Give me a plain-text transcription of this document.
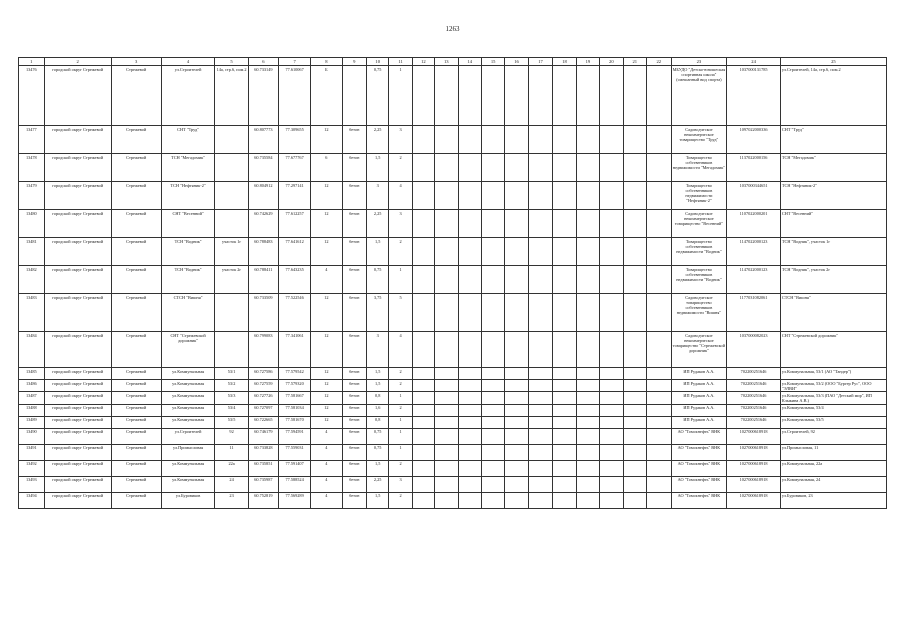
1263
1	2	3	4	5	6	7	8	9	10	11	12	13	14	15	16	17	18	19	20	21	22	23	24	25
13476	городской округ Стрежевой	Стрежевой	ул.Строителей	14а, стр.6, пом.2	60.733149	77.610067	Б		0,75	1												МБУДО "Детско-юношеская спортивная школа" (смешанный вид спорта)	1037000131785	ул.Строителей, 14а, стр.6, пом.2
13477	городской округ Стрежевой	Стрежевой	СНТ "Труд"		60.807773	77.309655	12	бетон	2,25	3												Садоводческое некоммерческое товарищество "Труд"	1097022000336	СНТ "Труд"
13478	городской округ Стрежевой	Стрежевой	ТСН "Мегадомик"		60.735584	77.677767	6	бетон	1,5	2												Товарищество собственников недвижимости "Мегадомик"	1137022000156	ТСН "Мегадомик"
13479	городской округ Стрежевой	Стрежевой	ТСН "Нефтяник-2"		60.804912	77.297141	12	бетон	3	4												Товарищество собственников недвижимости "Нефтяник-2"	1037000344651	ТСН "Нефтяник-2"
13480	городской округ Стрежевой	Стрежевой	СНТ "Весенний"		60.742629	77.612257	12	бетон	2,25	3												Садоводческое некоммерческое товарищество "Весенний"	1107022000201	СНТ "Весенний"
13481	городской округ Стрежевой	Стрежевой	ТСН "Водник"	участок 1г	60.788483	77.641612	12	бетон	1,5	2												Товарищество собственников недвижимости "Водник"	1147022000123	ТСН "Водник", участок 1г
13482	городской округ Стрежевой	Стрежевой	ТСН "Водник"	участок 2г	60.788411	77.643235	4	бетон	0,75	1												Товарищество собственников недвижимости "Водник"	1147022000123	ТСН "Водник", участок 2г
13483	городской округ Стрежевой	Стрежевой	СТСН "Вишня"		60.733509	77.522546	12	бетон	3,75	5												Садоводческое товарищество собственников недвижимости "Вишня"	1177031082061	СТСН "Вишня"
13484	городской округ Стрежевой	Стрежевой	СНТ "Стрежевской дорожник"		60.799083	77.341061	12	бетон	3	4												Садоводческое некоммерческое товарищество "Стрежевской дорожник"	1037000082023	СНТ "Стрежевской дорожник"
13485	городской округ Стрежевой	Стрежевой	ул.Коммунальная	53/1	60.727586	77.579542	12	бетон	1,5	2												ИП Рудаков А.А.	702200251646	ул.Коммунальная, 53/1 (АО "Тандер")
13486	городской округ Стрежевой	Стрежевой	ул.Коммунальная	53/2	60.727559	77.579320	12	бетон	1,5	2												ИП Рудаков А.А.	702200251646	ул.Коммунальная, 53/2 (ООО "Бургер Рус", ООО "ЭЛВИ"
13487	городской округ Стрежевой	Стрежевой	ул.Коммунальная	53/3	60.727726	77.581667	12	бетон	0,8	1												ИП Рудаков А.А.	702200251646	ул.Коммунальная, 53/3 (ПАО "Детский мир", ИП Клыкина А.В.)
13488	городской округ Стрежевой	Стрежевой	ул.Коммунальная	53/4	60.727097	77.581034	12	бетон	1,6	2												ИП Рудаков А.А.	702200251646	ул.Коммунальная, 53/4
13489	городской округ Стрежевой	Стрежевой	ул.Коммунальная	53/5	60.722665	77.581670	12	бетон	0,8	1												ИП Рудаков А.А.	702200251646	ул.Коммунальная, 53/5
13490	городской округ Стрежевой	Стрежевой	ул.Строителей	92	60.746179	77.594591	4	бетон	0,75	1												АО "Томскнефть" ВНК	1027000618918	ул.Строителей, 92
13491	городской округ Стрежевой	Стрежевой	ул.Промысловая	11	60.733828	77.559031	4	бетон	0,75	1												АО "Томскнефть" ВНК	1027000618918	ул.Промысловая, 11
13492	городской округ Стрежевой	Стрежевой	ул.Коммунальная	22а	60.735851	77.591407	4	бетон	1,5	2												АО "Томскнефть" ВНК	1027000618918	ул.Коммунальная, 22а
13493	городской округ Стрежевой	Стрежевой	ул.Коммунальная	24	60.735987	77.588524	4	бетон	2,25	3												АО "Томскнефть" ВНК	1027000618918	ул.Коммунальная, 24
13494	городской округ Стрежевой	Стрежевой	ул.Буровиков	23	60.752819	77.569289	4	бетон	1,5	2												АО "Томскнефть" ВНК	1027000618918	ул.Буровиков, 23
